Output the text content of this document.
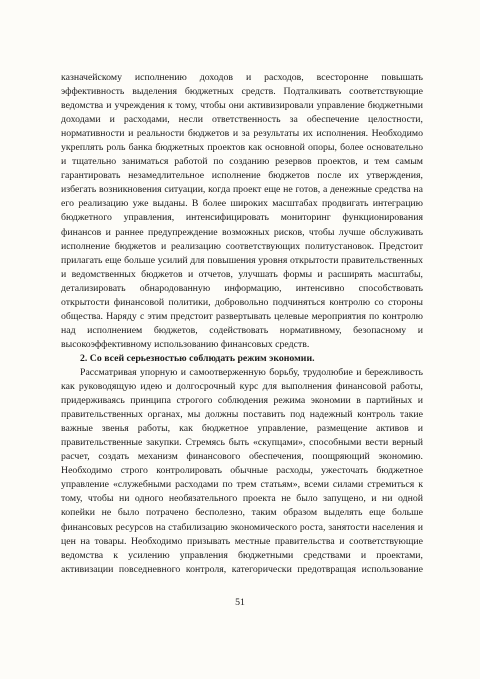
казначейскому исполнению доходов и расходов, всесторонне повышать
эффективность выделения бюджетных средств. Подталкивать соответствующие
ведомства и учреждения к тому, чтобы они активизировали управление бюджетными
доходами и расходами, несли ответственность за обеспечение целостности,
нормативности и реальности бюджетов и за результаты их исполнения. Необходимо
укреплять роль банка бюджетных проектов как основной опоры, более основательно
и тщательно заниматься работой по созданию резервов проектов, и тем самым
гарантировать незамедлительное исполнение бюджетов после их утверждения,
избегать возникновения ситуации, когда проект еще не готов, а денежные средства на
его реализацию уже выданы. В более широких масштабах продвигать интеграцию
бюджетного управления, интенсифицировать мониторинг функционирования
финансов и раннее предупреждение возможных рисков, чтобы лучше обслуживать
исполнение бюджетов и реализацию соответствующих политустановок. Предстоит
прилагать еще больше усилий для повышения уровня открытости правительственных
и ведомственных бюджетов и отчетов, улучшать формы и расширять масштабы,
детализировать обнародованную информацию, интенсивно способствовать
открытости финансовой политики, добровольно подчиняться контролю со стороны
общества. Наряду с этим предстоит развертывать целевые мероприятия по контролю
над исполнением бюджетов, содействовать нормативному, безопасному и
высокоэффективному использованию финансовых средств.
2. Со всей серьезностью соблюдать режим экономии.
Рассматривая упорную и самоотверженную борьбу, трудолюбие и бережливость
как руководящую идею и долгосрочный курс для выполнения финансовой работы,
придерживаясь принципа строгого соблюдения режима экономии в партийных и
правительственных органах, мы должны поставить под надежный контроль такие
важные звенья работы, как бюджетное управление, размещение активов и
правительственные закупки. Стремясь быть «скупцами», способными вести верный
расчет, создать механизм финансового обеспечения, поощряющий экономию.
Необходимо строго контролировать обычные расходы, ужесточать бюджетное
управление «служебными расходами по трем статьям», всеми силами стремиться к
тому, чтобы ни одного необязательного проекта не было запущено, и ни одной
копейки не было потрачено бесполезно, таким образом выделять еще больше
финансовых ресурсов на стабилизацию экономического роста, занятости населения и
цен на товары. Необходимо призывать местные правительства и соответствующие
ведомства к усилению управления бюджетными средствами и проектами,
активизации повседневного контроля, категорически предотвращая использование
51
